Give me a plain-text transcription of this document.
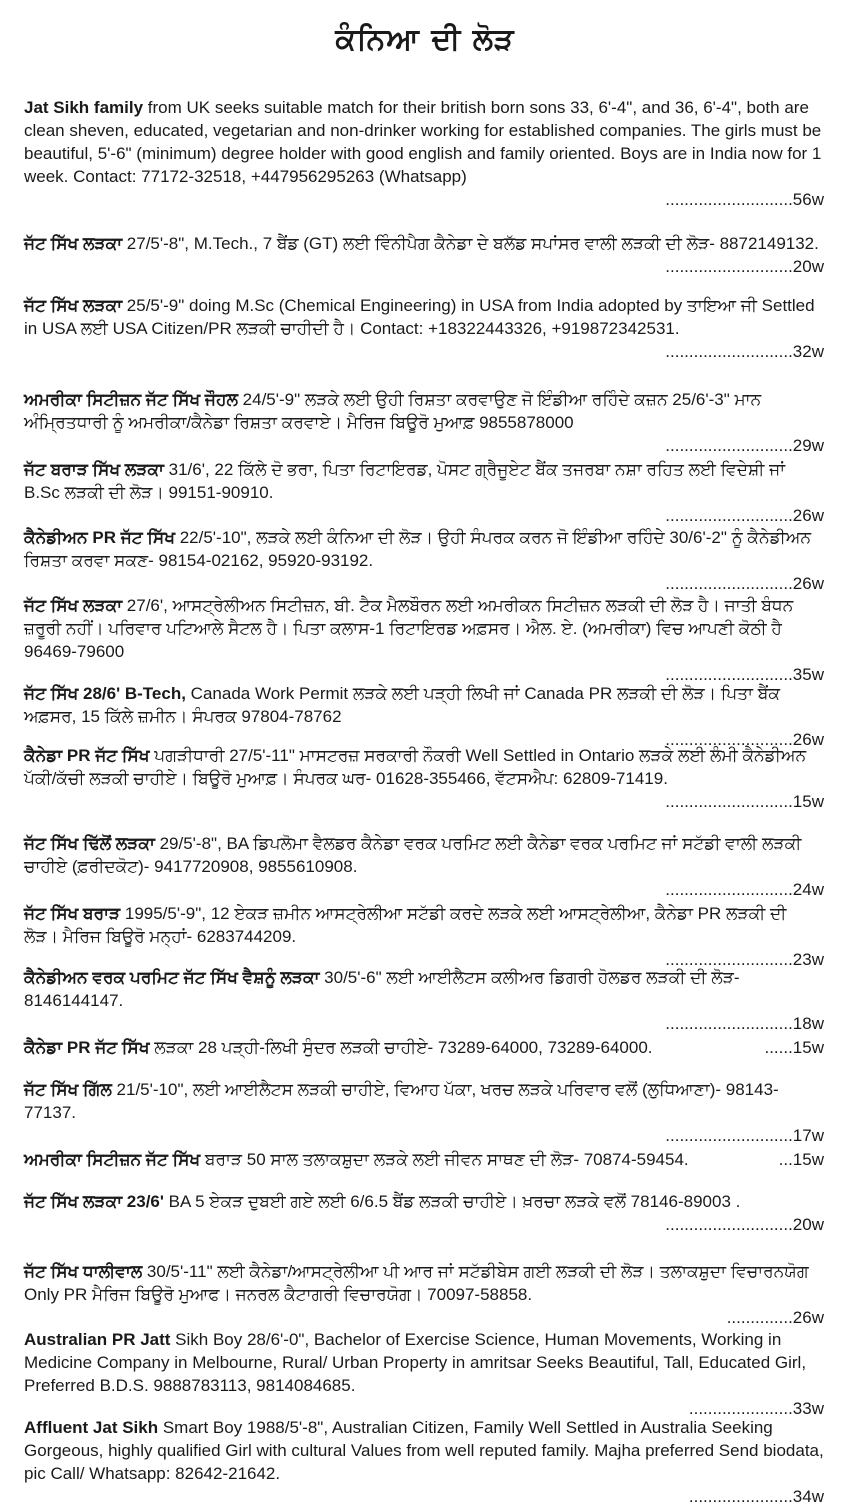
ਕੰਨਿਆ ਦੀ ਲੋੜ
Jat Sikh family from UK seeks suitable match for their british born sons 33, 6'-4", and 36, 6'-4", both are clean sheven, educated, vegetarian and non-drinker working for established companies. The girls must be beautiful, 5'-6" (minimum) degree holder with good english and family oriented. Boys are in India now for 1 week. Contact: 77172-32518, +447956295263 (Whatsapp)
...........................56w
ਜੱਟ ਸਿੱਖ ਲੜਕਾ 27/5'-8", M.Tech., 7 ਬੈਂਡ (GT) ਲਈ ਵਿੰਨੀਪੈਗ ਕੈਨੇਡਾ ਦੇ ਬਲੱਡ ਸਪਾਂਸਰ ਵਾਲੀ ਲੜਕੀ ਦੀ ਲੋੜ- 8872149132.
...........................20w
ਜੱਟ ਸਿੱਖ ਲੜਕਾ 25/5'-9" doing M.Sc (Chemical Engineering) in USA from India adopted by ਤਾਇਆ ਜੀ Settled in USA ਲਈ USA Citizen/PR ਲੜਕੀ ਚਾਹੀਦੀ ਹੈ। Contact: +18322443326, +919872342531.
...........................32w
ਅਮਰੀਕਾ ਸਿਟੀਜ਼ਨ ਜੱਟ ਸਿੱਖ ਜੌਹਲ 24/5'-9" ਲੜਕੇ ਲਈ ਉਹੀ ਰਿਸ਼ਤਾ ਕਰਵਾਉਣ ਜੋ ਇੰਡੀਆ ਰਹਿੰਦੇ ਕਜ਼ਨ 25/6'-3" ਮਾਨ ਅੰਮ੍ਰਿਤਧਾਰੀ ਨੂੰ ਅਮਰੀਕਾ/ਕੈਨੇਡਾ ਰਿਸ਼ਤਾ ਕਰਵਾਏ। ਮੈਰਿਜ ਬਿਊਰੋ ਮੁਆਫ਼ 9855878000
...........................29w
ਜੱਟ ਬਰਾੜ ਸਿੱਖ ਲੜਕਾ 31/6', 22 ਕਿੱਲੇ ਦੋ ਭਰਾ, ਪਿਤਾ ਰਿਟਾਇਰਡ, ਪੋਸਟ ਗ੍ਰੈਜੂਏਟ ਬੈਂਕ ਤਜਰਬਾ ਨਸ਼ਾ ਰਹਿਤ ਲਈ ਵਿਦੇਸ਼ੀ ਜਾਂ B.Sc ਲੜਕੀ ਦੀ ਲੋੜ। 99151-90910.
...........................26w
ਕੈਨੇਡੀਅਨ PR ਜੱਟ ਸਿੱਖ 22/5'-10", ਲੜਕੇ ਲਈ ਕੰਨਿਆ ਦੀ ਲੋੜ। ਉਹੀ ਸੰਪਰਕ ਕਰਨ ਜੋ ਇੰਡੀਆ ਰਹਿੰਦੇ 30/6'-2" ਨੂੰ ਕੈਨੇਡੀਅਨ ਰਿਸ਼ਤਾ ਕਰਵਾ ਸਕਣ- 98154-02162, 95920-93192.
...........................26w
ਜੱਟ ਸਿੱਖ ਲੜਕਾ 27/6', ਆਸਟ੍ਰੇਲੀਅਨ ਸਿਟੀਜ਼ਨ, ਬੀ. ਟੈਕ ਮੈਲਬੌਰਨ ਲਈ ਅਮਰੀਕਨ ਸਿਟੀਜ਼ਨ ਲੜਕੀ ਦੀ ਲੋੜ ਹੈ। ਜਾਤੀ ਬੰਧਨ ਜ਼ਰੂਰੀ ਨਹੀਂ। ਪਰਿਵਾਰ ਪਟਿਆਲੇ ਸੈਟਲ ਹੈ। ਪਿਤਾ ਕਲਾਸ-1 ਰਿਟਾਇਰਡ ਅਫ਼ਸਰ। ਐਲ. ਏ. (ਅਮਰੀਕਾ) ਵਿਚ ਆਪਣੀ ਕੋਠੀ ਹੈ 96469-79600
...........................35w
ਜੱਟ ਸਿੱਖ 28/6' B-Tech, Canada Work Permit ਲੜਕੇ ਲਈ ਪੜ੍ਹੀ ਲਿਖੀ ਜਾਂ Canada PR ਲੜਕੀ ਦੀ ਲੋੜ। ਪਿਤਾ ਬੈਂਕ ਅਫ਼ਸਰ, 15 ਕਿੱਲੇ ਜ਼ਮੀਨ। ਸੰਪਰਕ 97804-78762
...........................26w
ਕੈਨੇਡਾ PR ਜੱਟ ਸਿੱਖ ਪਗੜੀਧਾਰੀ 27/5'-11" ਮਾਸਟਰਜ਼ ਸਰਕਾਰੀ ਨੌਕਰੀ Well Settled in Ontario ਲੜਕੇ ਲਈ ਲੰਮੀ ਕੈਨੇਡੀਅਨ ਪੱਕੀ/ਕੱਚੀ ਲੜਕੀ ਚਾਹੀਏ। ਬਿਊਰੋ ਮੁਆਫ਼। ਸੰਪਰਕ ਘਰ- 01628-355466, ਵੱਟਸਐਪ: 62809-71419.
...........................15w
ਜੱਟ ਸਿੱਖ ਢਿੱਲੋਂ ਲੜਕਾ 29/5'-8", BA ਡਿਪਲੋਮਾ ਵੈਲਡਰ ਕੈਨੇਡਾ ਵਰਕ ਪਰਮਿਟ ਲਈ ਕੈਨੇਡਾ ਵਰਕ ਪਰਮਿਟ ਜਾਂ ਸਟੱਡੀ ਵਾਲੀ ਲੜਕੀ ਚਾਹੀਏ (ਫ਼ਰੀਦਕੋਟ)- 9417720908, 9855610908.
...........................24w
ਜੱਟ ਸਿੱਖ ਬਰਾੜ 1995/5'-9", 12 ਏਕੜ ਜ਼ਮੀਨ ਆਸਟ੍ਰੇਲੀਆ ਸਟੱਡੀ ਕਰਦੇ ਲੜਕੇ ਲਈ ਆਸਟ੍ਰੇਲੀਆ, ਕੈਨੇਡਾ PR ਲੜਕੀ ਦੀ ਲੋੜ। ਮੈਰਿਜ ਬਿਊਰੋ ਮਨ੍ਹਾਂ- 6283744209.
...........................23w
ਕੈਨੇਡੀਅਨ ਵਰਕ ਪਰਮਿਟ ਜੱਟ ਸਿੱਖ ਵੈਸ਼ਨੂੰ ਲੜਕਾ 30/5'-6" ਲਈ ਆਈਲੈਟਸ ਕਲੀਅਰ ਡਿਗਰੀ ਹੋਲਡਰ ਲੜਕੀ ਦੀ ਲੋੜ- 8146144147.
...........................18w
ਕੈਨੇਡਾ PR ਜੱਟ ਸਿੱਖ ਲੜਕਾ 28 ਪੜ੍ਹੀ-ਲਿਖੀ ਸੁੰਦਰ ਲੜਕੀ ਚਾਹੀਏ- 73289-64000, 73289-64000.	......15w
ਜੱਟ ਸਿੱਖ ਗਿੱਲ 21/5'-10", ਲਈ ਆਈਲੈਟਸ ਲੜਕੀ ਚਾਹੀਏ, ਵਿਆਹ ਪੱਕਾ, ਖਰਚ ਲੜਕੇ ਪਰਿਵਾਰ ਵਲੋਂ (ਲੁਧਿਆਣਾ)- 98143-77137.
...........................17w
ਅਮਰੀਕਾ ਸਿਟੀਜ਼ਨ ਜੱਟ ਸਿੱਖ ਬਰਾੜ 50 ਸਾਲ ਤਲਾਕਸ਼ੁਦਾ ਲੜਕੇ ਲਈ ਜੀਵਨ ਸਾਥਣ ਦੀ ਲੋੜ- 70874-59454.	...15w
ਜੱਟ ਸਿੱਖ ਲੜਕਾ 23/6' BA 5 ਏਕੜ ਦੁਬਈ ਗਏ ਲਈ 6/6.5 ਬੈਂਡ ਲੜਕੀ ਚਾਹੀਏ। ਖ਼ਰਚਾ ਲੜਕੇ ਵਲੋਂ 78146-89003 .
...........................20w
ਜੱਟ ਸਿੱਖ ਧਾਲੀਵਾਲ 30/5'-11" ਲਈ ਕੈਨੇਡਾ/ਆਸਟ੍ਰੇਲੀਆ ਪੀ ਆਰ ਜਾਂ ਸਟੱਡੀਬੇਸ ਗਈ ਲੜਕੀ ਦੀ ਲੋੜ। ਤਲਾਕਸ਼ੁਦਾ ਵਿਚਾਰਨਯੋਗ Only PR ਮੈਰਿਜ ਬਿਊਰੋ ਮੁਆਫ। ਜਨਰਲ ਕੈਟਾਗਰੀ ਵਿਚਾਰਯੋਗ। 70097-58858.
..............26w
Australian PR Jatt Sikh Boy 28/6'-0", Bachelor of Exercise Science, Human Movements, Working in Medicine Company in Melbourne, Rural/ Urban Property in amritsar Seeks Beautiful, Tall, Educated Girl, Preferred B.D.S. 9888783113, 9814084685.
......................33w
Affluent Jat Sikh Smart Boy 1988/5'-8", Australian Citizen, Family Well Settled in Australia Seeking Gorgeous, highly qualified Girl with cultural Values from well reputed family. Majha preferred Send biodata, pic Call/ Whatsapp: 82642-21642.
......................34w
